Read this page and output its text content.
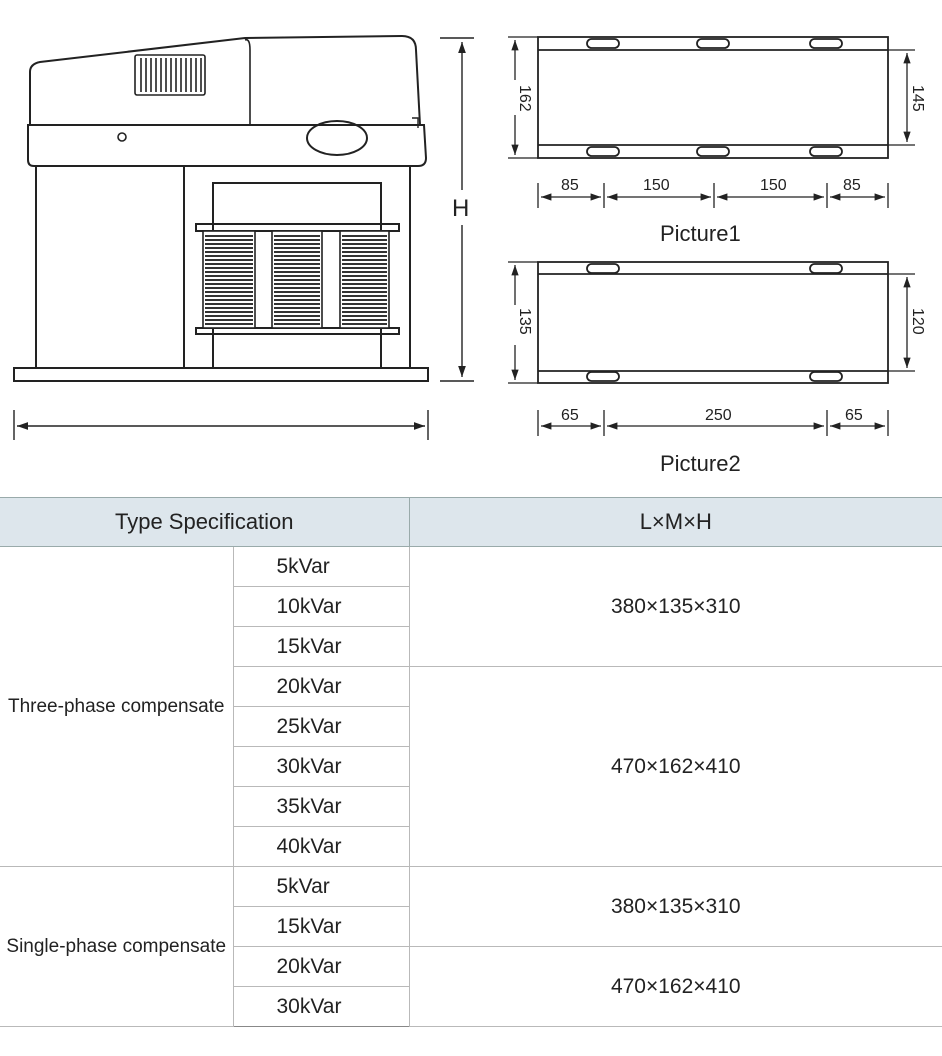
H
162	145
85	150	150	85
Picture1
135	120
65	250	65
Picture2
Type Specification		L×M×H
Three-phase compensate	5kVar	380×135×310
	10kVar	
	15kVar	
	20kVar	470×162×410
	25kVar	
	30kVar	
	35kVar	
	40kVar	
Single-phase compensate	5kVar	380×135×310
	15kVar	
	20kVar	470×162×410
	30kVar	
